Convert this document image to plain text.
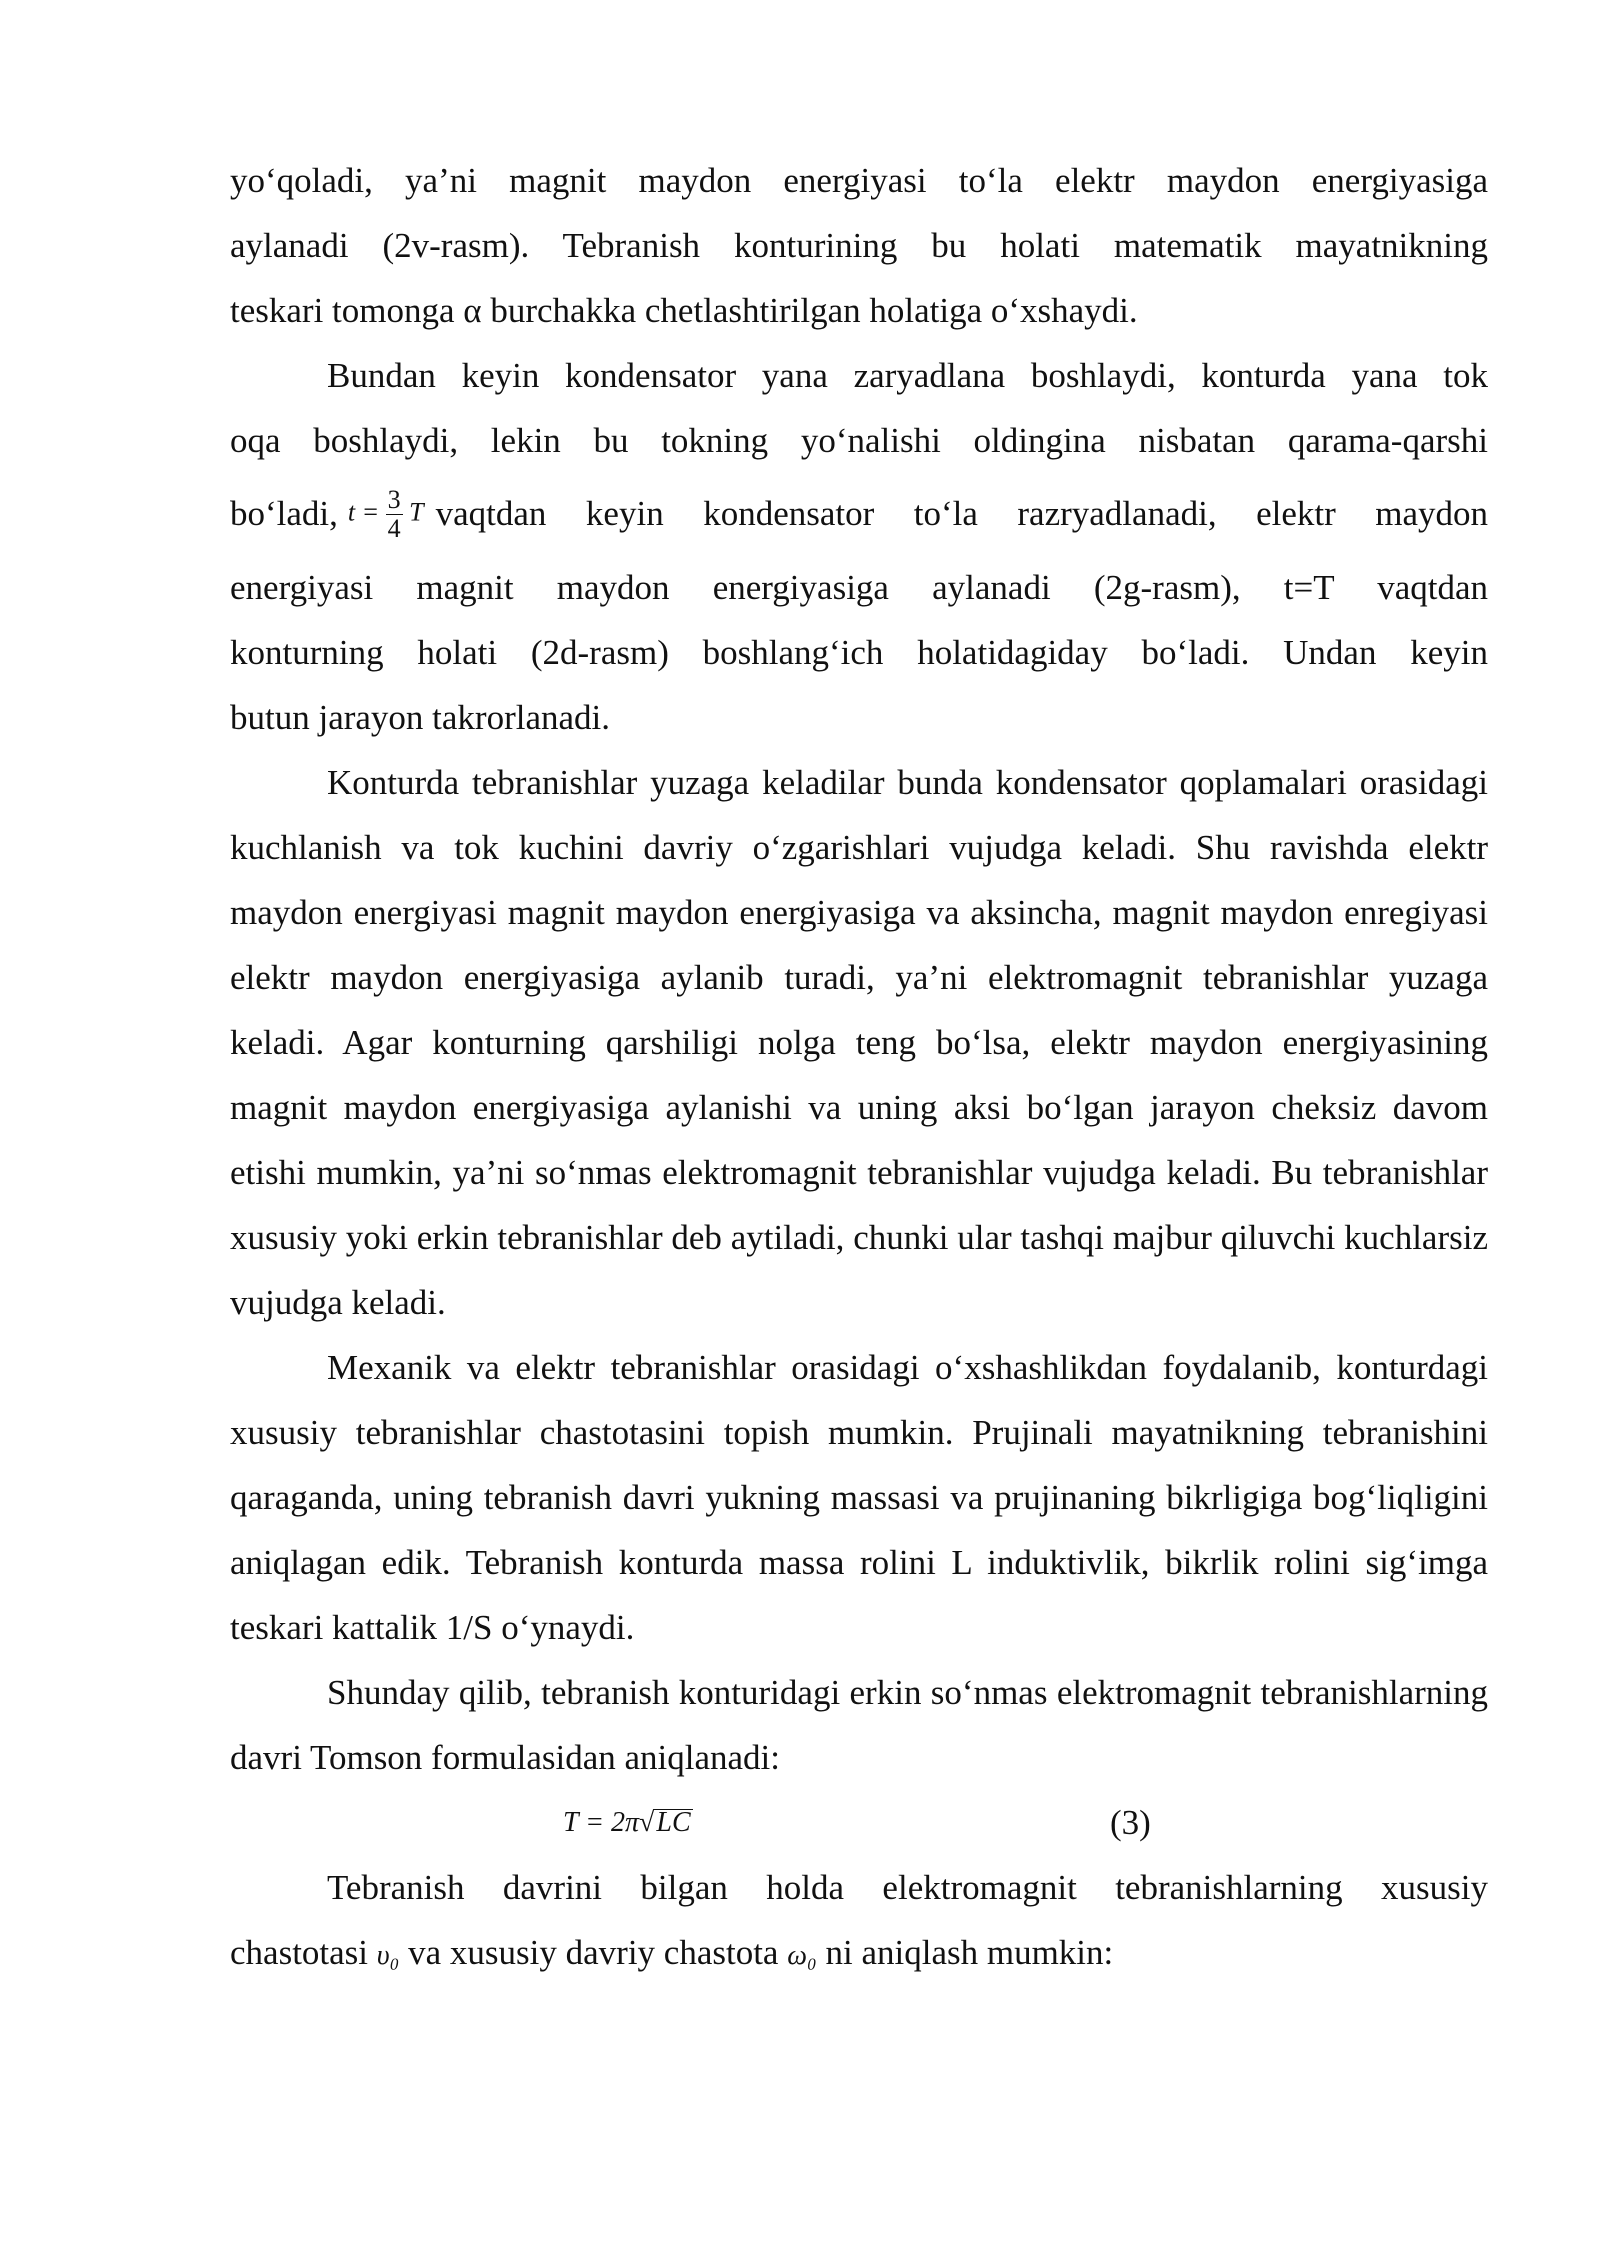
yo‘qoladi, ya’ni magnit maydon energiyasi to‘la elektr maydon energiyasiga
aylanadi (2v-rasm). Tebranish konturining bu holati matematik mayatnikning
teskari tomonga α burchakka chetlashtirilgan holatiga o‘xshaydi.
Bundan keyin kondensator yana zaryadlana boshlaydi, konturda yana tok
oqa boshlaydi, lekin bu tokning yo‘nalishi oldingina nisbatan qarama-qarshi
bo‘ladi, $t = \frac{3}{4}$ T vaqtdan keyin kondensator to‘la razryadlanadi, elektr maydon
energiyasi magnit maydon energiyasiga aylanadi (2g-rasm), t=T vaqtdan
konturning holati (2d-rasm) boshlang‘ich holatidagiday bo‘ladi. Undan keyin
butun jarayon takrorlanadi.

Konturda tebranishlar yuzaga keladilar bunda kondensator qoplamalari orasidagi kuchlanish va tok kuchini davriy o‘zgarishlari vujudga keladi. Shu ravishda elektr maydon energiyasi magnit maydon energiyasiga va aksincha, magnit maydon enregiyasi elektr maydon energiyasiga aylanib turadi, ya’ni elektromagnit tebranishlar yuzaga keladi. Agar konturning qarshiligi nolga teng bo‘lsa, elektr maydon energiyasining magnit maydon energiyasiga aylanishi va uning aksi bo‘lgan jarayon cheksiz davom etishi mumkin, ya’ni so‘nmas elektromagnit tebranishlar vujudga keladi. Bu tebranishlar xususiy yoki erkin tebranishlar deb aytiladi, chunki ular tashqi majbur qiluvchi kuchlarsiz vujudga keladi.

Mexanik va elektr tebranishlar orasidagi o‘xshashlikdan foydalanib, konturdagi xususiy tebranishlar chastotasini topish mumkin. Prujinali mayatnikning tebranishini qaraganda, uning tebranish davri yukning massasi va prujinaning bikrligiga bog‘liqligini aniqlagan edik. Tebranish konturda massa rolini L induktivlik, bikrlik rolini sig‘imga teskari kattalik 1/S o‘ynaydi.

Shunday qilib, tebranish konturidagi erkin so‘nmas elektromagnit tebranishlarning davri Tomson formulasidan aniqlanadi:

T = 2π√LC	(3)
Tebranish davrini bilgan holda elektromagnit tebranishlarning xususiy
chastotasi υ₀ va xususiy davriy chastota ω₀ ni aniqlash mumkin:
